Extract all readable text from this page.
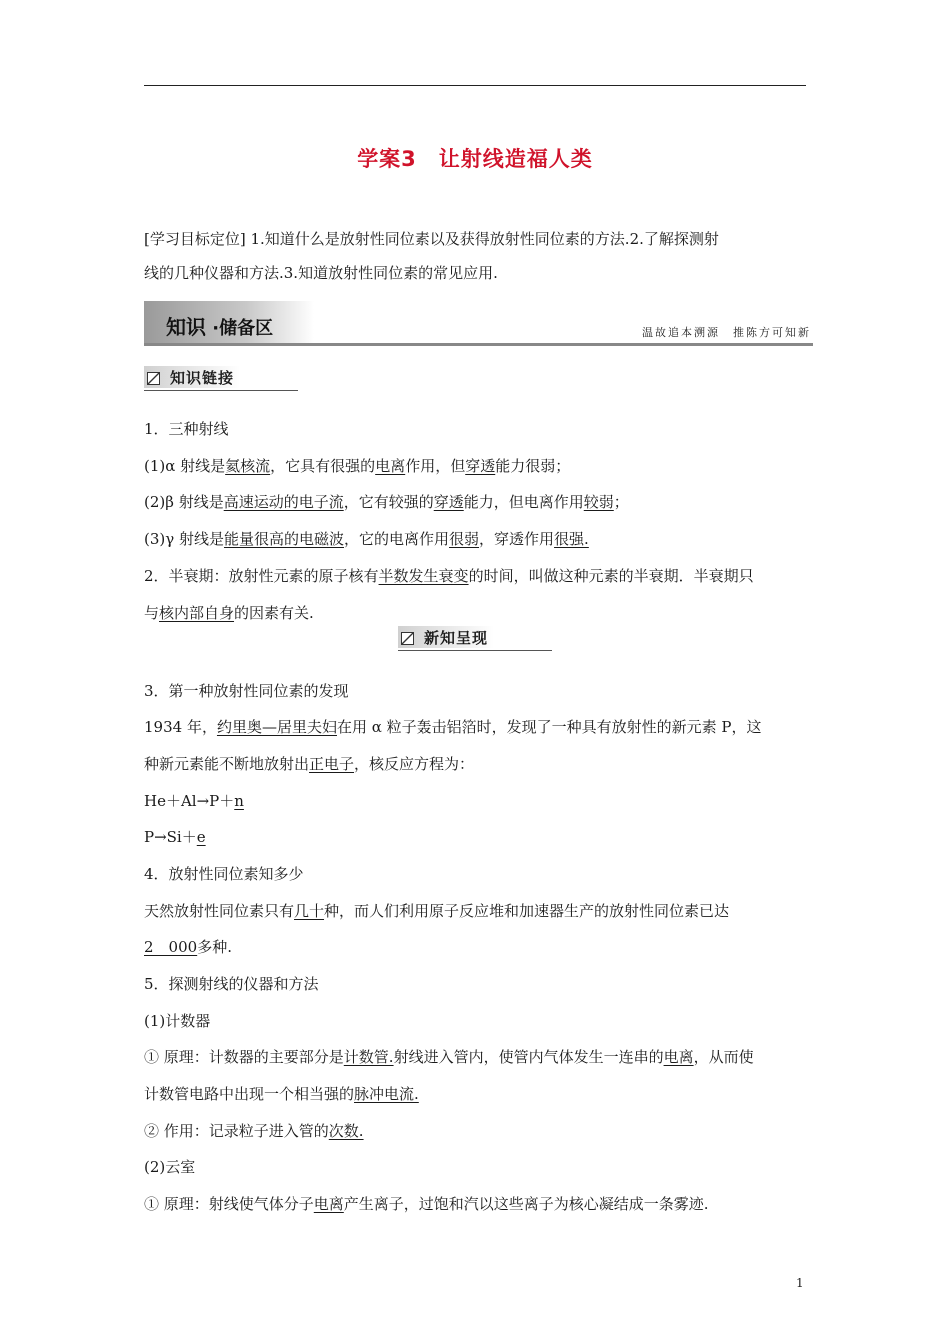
学案3　让射线造福人类
[学习目标定位] 1.知道什么是放射性同位素以及获得放射性同位素的方法.2.了解探测射
线的几种仪器和方法.3.知道放射性同位素的常见应用.
知识 ·储备区	温故追本溯源　推陈方可知新
知识链接
1．三种射线
(1)α 射线是氦核流，它具有很强的电离作用，但穿透能力很弱；
(2)β 射线是高速运动的电子流，它有较强的穿透能力，但电离作用较弱；
(3)γ 射线是能量很高的电磁波，它的电离作用很弱，穿透作用很强.
2．半衰期：放射性元素的原子核有半数发生衰变的时间，叫做这种元素的半衰期．半衰期只
与核内部自身的因素有关.
新知呈现
3．第一种放射性同位素的发现
1934 年，约里奥—居里夫妇在用 α 粒子轰击铝箔时，发现了一种具有放射性的新元素 P，这
种新元素能不断地放射出正电子，核反应方程为：
He＋Al→P＋n
P→Si＋e
4．放射性同位素知多少
天然放射性同位素只有几十种，而人们利用原子反应堆和加速器生产的放射性同位素已达
2　000多种.
5．探测射线的仪器和方法
(1)计数器
① 原理：计数器的主要部分是计数管.射线进入管内，使管内气体发生一连串的电离，从而使
计数管电路中出现一个相当强的脉冲电流.
② 作用：记录粒子进入管的次数.
(2)云室
① 原理：射线使气体分子电离产生离子，过饱和汽以这些离子为核心凝结成一条雾迹.
1
